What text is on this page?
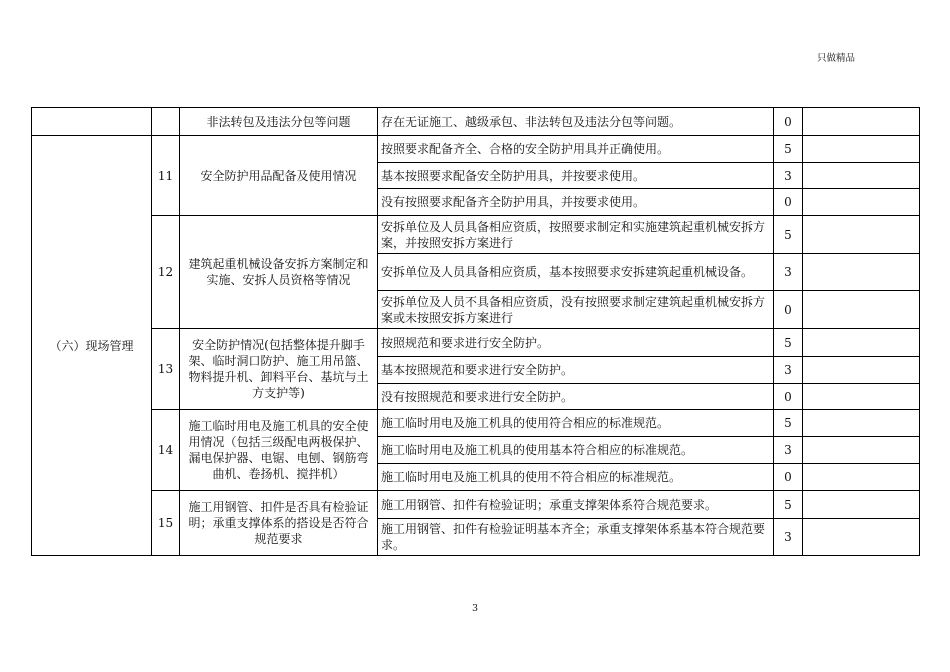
只做精品
		非法转包及违法分包等问题	存在无证施工、越级承包、非法转包及违法分包等问题。	0	
（六）现场管理	11	安全防护用品配备及使用情况	按照要求配备齐全、合格的安全防护用具并正确使用。	5	
			基本按照要求配备安全防护用具，并按要求使用。	3	
			没有按照要求配备齐全防护用具，并按要求使用。	0	
	12	建筑起重机械设备安拆方案制定和实施、安拆人员资格等情况	安拆单位及人员具备相应资质，按照要求制定和实施建筑起重机械安拆方案，并按照安拆方案进行	5	
			安拆单位及人员具备相应资质，基本按照要求安拆建筑起重机械设备。	3	
			安拆单位及人员不具备相应资质，没有按照要求制定建筑起重机械安拆方案或未按照安拆方案进行	0	
	13	安全防护情况(包括整体提升脚手架、临时洞口防护、施工用吊篮、物料提升机、卸料平台、基坑与土方支护等)	按照规范和要求进行安全防护。	5	
			基本按照规范和要求进行安全防护。	3	
			没有按照规范和要求进行安全防护。	0	
	14	施工临时用电及施工机具的安全使用情况（包括三级配电两极保护、漏电保护器、电锯、电刨、钢筋弯曲机、卷扬机、搅拌机）	施工临时用电及施工机具的使用符合相应的标准规范。	5	
			施工临时用电及施工机具的使用基本符合相应的标准规范。	3	
			施工临时用电及施工机具的使用不符合相应的标准规范。	0	
	15	施工用钢管、扣件是否具有检验证明；承重支撑体系的搭设是否符合规范要求	施工用钢管、扣件有检验证明；承重支撑架体系符合规范要求。	5	
			施工用钢管、扣件有检验证明基本齐全；承重支撑架体系基本符合规范要求。	3	
3
